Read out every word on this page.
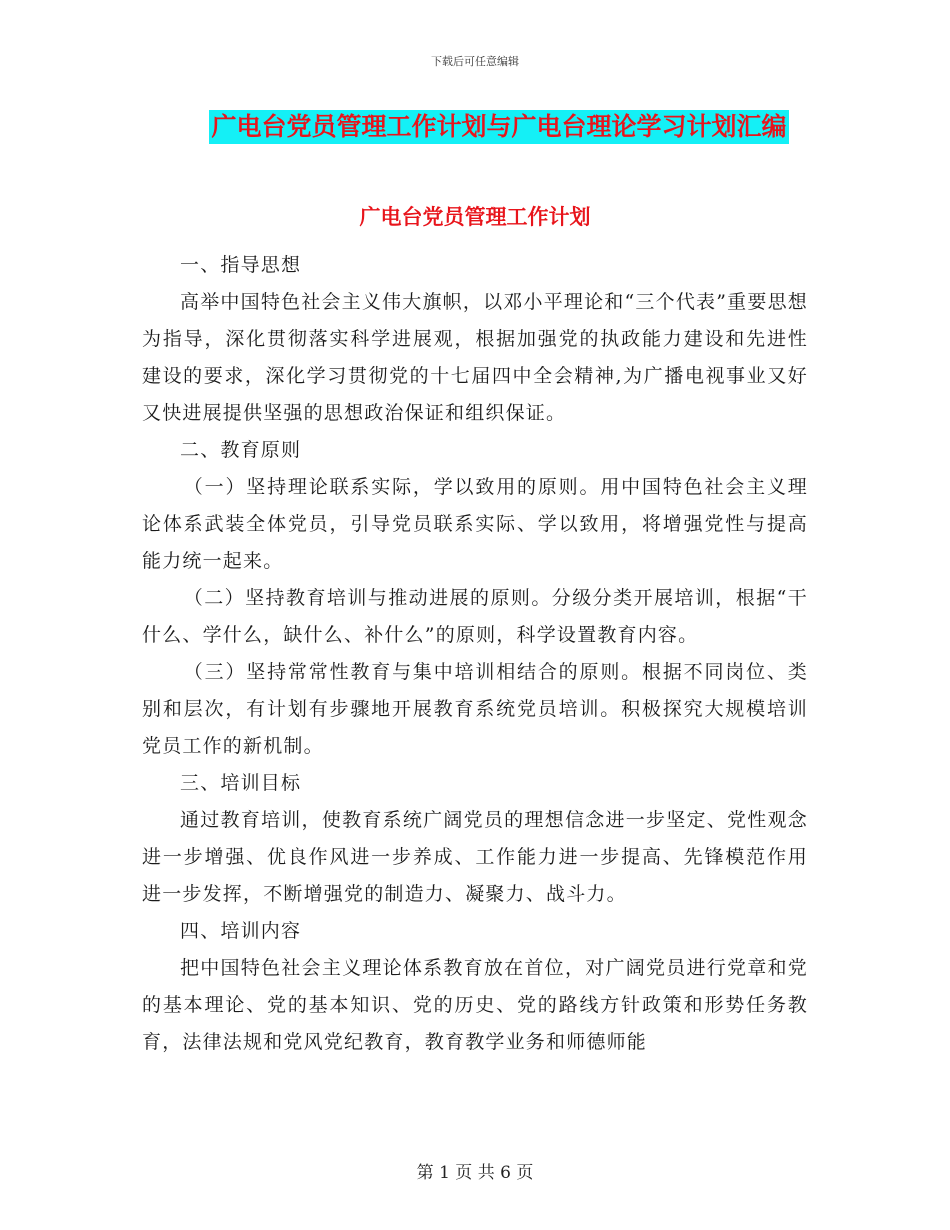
下载后可任意编辑
广电台党员管理工作计划与广电台理论学习计划汇编
广电台党员管理工作计划

一、指导思想

高举中国特色社会主义伟大旗帜，以邓小平理论和“三个代表”重要思想为指导，深化贯彻落实科学进展观，根据加强党的执政能力建设和先进性建设的要求，深化学习贯彻党的十七届四中全会精神,为广播电视事业又好又快进展提供坚强的思想政治保证和组织保证。

二、教育原则

（一）坚持理论联系实际，学以致用的原则。用中国特色社会主义理论体系武装全体党员，引导党员联系实际、学以致用，将增强党性与提高能力统一起来。

（二）坚持教育培训与推动进展的原则。分级分类开展培训，根据“干什么、学什么，缺什么、补什么”的原则，科学设置教育内容。

（三）坚持常常性教育与集中培训相结合的原则。根据不同岗位、类别和层次，有计划有步骤地开展教育系统党员培训。积极探究大规模培训党员工作的新机制。

三、培训目标

通过教育培训，使教育系统广阔党员的理想信念进一步坚定、党性观念进一步增强、优良作风进一步养成、工作能力进一步提高、先锋模范作用进一步发挥，不断增强党的制造力、凝聚力、战斗力。

四、培训内容

把中国特色社会主义理论体系教育放在首位，对广阔党员进行党章和党的基本理论、党的基本知识、党的历史、党的路线方针政策和形势任务教育，法律法规和党风党纪教育，教育教学业务和师德师能

第 1 页 共 6 页
